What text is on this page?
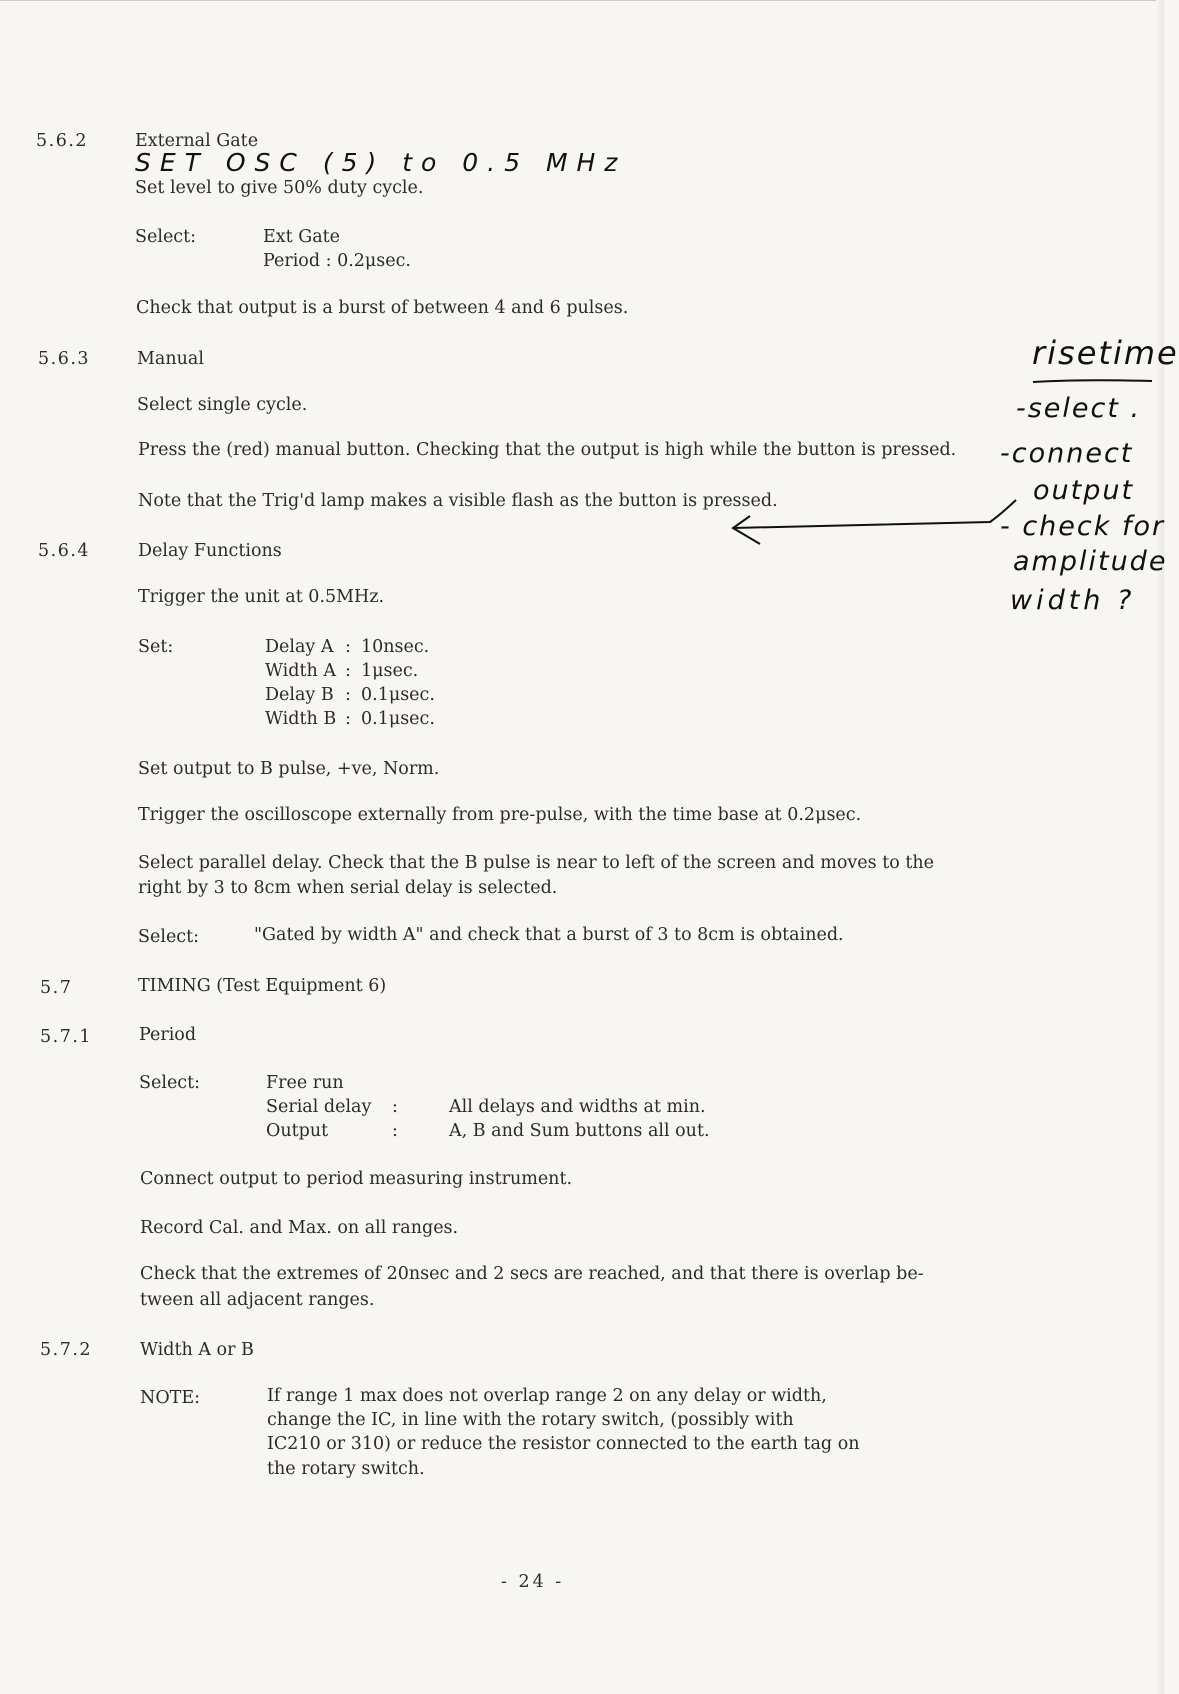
5.6.2	External Gate
SET OSC (5) to 0.5 MHz
Set level to give 50% duty cycle.
Select:	Ext Gate
Period : 0.2μsec.
Check that output is a burst of between 4 and 6 pulses.
5.6.3	Manual
Select single cycle.
Press the (red) manual button. Checking that the output is high while the button is pressed.
Note that the Trig'd lamp makes a visible flash as the button is pressed.
risetime
-select .
-connect
output
- check for
amplitude
width ?
5.6.4	Delay Functions
Trigger the unit at 0.5MHz.
Set:	Delay A : 10nsec.
Width A : 1μsec.
Delay B : 0.1μsec.
Width B : 0.1μsec.
Set output to B pulse, +ve, Norm.
Trigger the oscilloscope externally from pre-pulse, with the time base at 0.2μsec.
Select parallel delay. Check that the B pulse is near to left of the screen and moves to the
right by 3 to 8cm when serial delay is selected.
Select:	"Gated by width A" and check that a burst of 3 to 8cm is obtained.
5.7	TIMING (Test Equipment 6)
5.7.1	Period
Select:	Free run
Serial delay :	All delays and widths at min.
Output	:	A, B and Sum buttons all out.
Connect output to period measuring instrument.
Record Cal. and Max. on all ranges.
Check that the extremes of 20nsec and 2 secs are reached, and that there is overlap be-
tween all adjacent ranges.
5.7.2	Width A or B
NOTE:	If range 1 max does not overlap range 2 on any delay or width,
change the IC, in line with the rotary switch, (possibly with
IC210 or 310) or reduce the resistor connected to the earth tag on
the rotary switch.
- 24 -
